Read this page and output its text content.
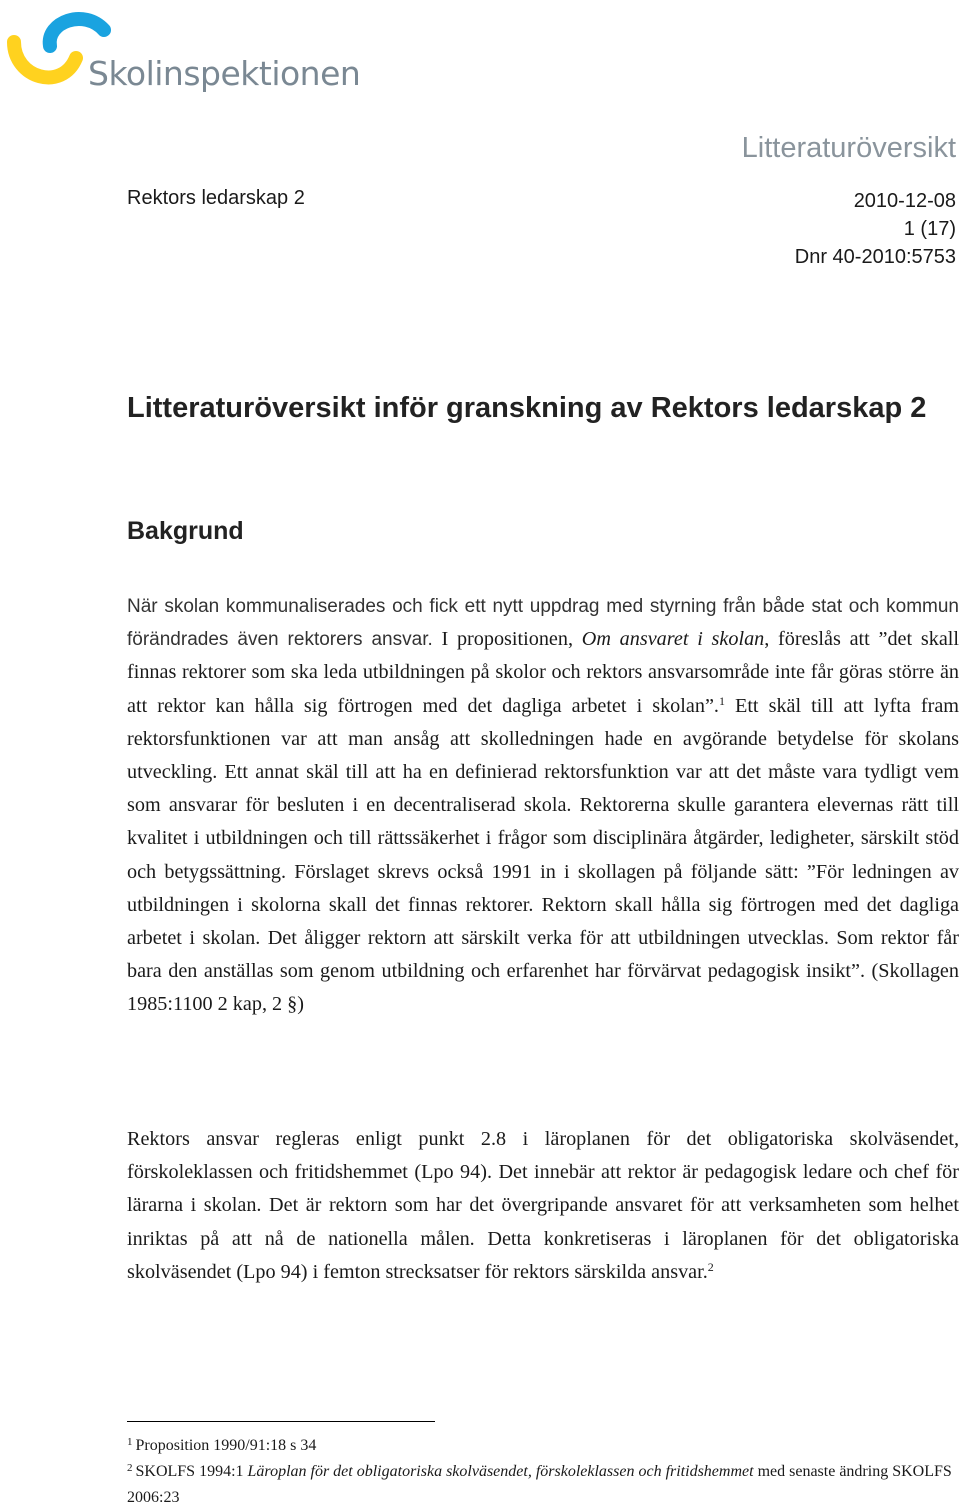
Skolinspektionen
Litteraturöversikt
Rektors ledarskap 2	2010-12-08
1 (17)
Dnr 40-2010:5753
Litteraturöversikt inför granskning av Rektors ledarskap 2
Bakgrund

När skolan kommunaliserades och fick ett nytt uppdrag med styrning från både stat och kommun förändrades även rektorers ansvar. I propositionen, Om ansvaret i skolan, föreslås att ”det skall finnas rektorer som ska leda utbildningen på skolor och rektors ansvarsområde inte får göras större än att rektor kan hålla sig förtrogen med det dagliga arbetet i skolan”.$^1$ Ett skäl till att lyfta fram rektorsfunktionen var att man ansåg att skolledningen hade en avgörande betydelse för skolans utveckling. Ett annat skäl till att ha en definierad rektorsfunktion var att det måste vara tydligt vem som ansvarar för besluten i en decentraliserad skola. Rektorerna skulle garantera elevernas rätt till kvalitet i utbildningen och till rättssäkerhet i frågor som disciplinära åtgärder, ledigheter, särskilt stöd och betygssättning. Förslaget skrevs också 1991 in i skollagen på följande sätt: ”För ledningen av utbildningen i skolorna skall det finnas rektorer. Rektorn skall hålla sig förtrogen med det dagliga arbetet i skolan. Det åligger rektorn att särskilt verka för att utbildningen utvecklas. Som rektor får bara den anställas som genom utbildning och erfarenhet har förvärvat pedagogisk insikt”. (Skollagen 1985:1100 2 kap, 2 §)

Rektors ansvar regleras enligt punkt 2.8 i läroplanen för det obligatoriska skolväsendet, förskoleklassen och fritidshemmet (Lpo 94). Det innebär att rektor är pedagogisk ledare och chef för lärarna i skolan. Det är rektorn som har det övergripande ansvaret för att verksamheten som helhet inriktas på att nå de nationella målen. Detta konkretiseras i läroplanen för det obligatoriska skolväsendet (Lpo 94) i femton strecksatser för rektors särskilda ansvar.$^2$

$^1$ Proposition 1990/91:18 s 34

$^2$ SKOLFS 1994:1 Läroplan för det obligatoriska skolväsendet, förskoleklassen och fritidshemmet med senaste ändring SKOLFS 2006:23
